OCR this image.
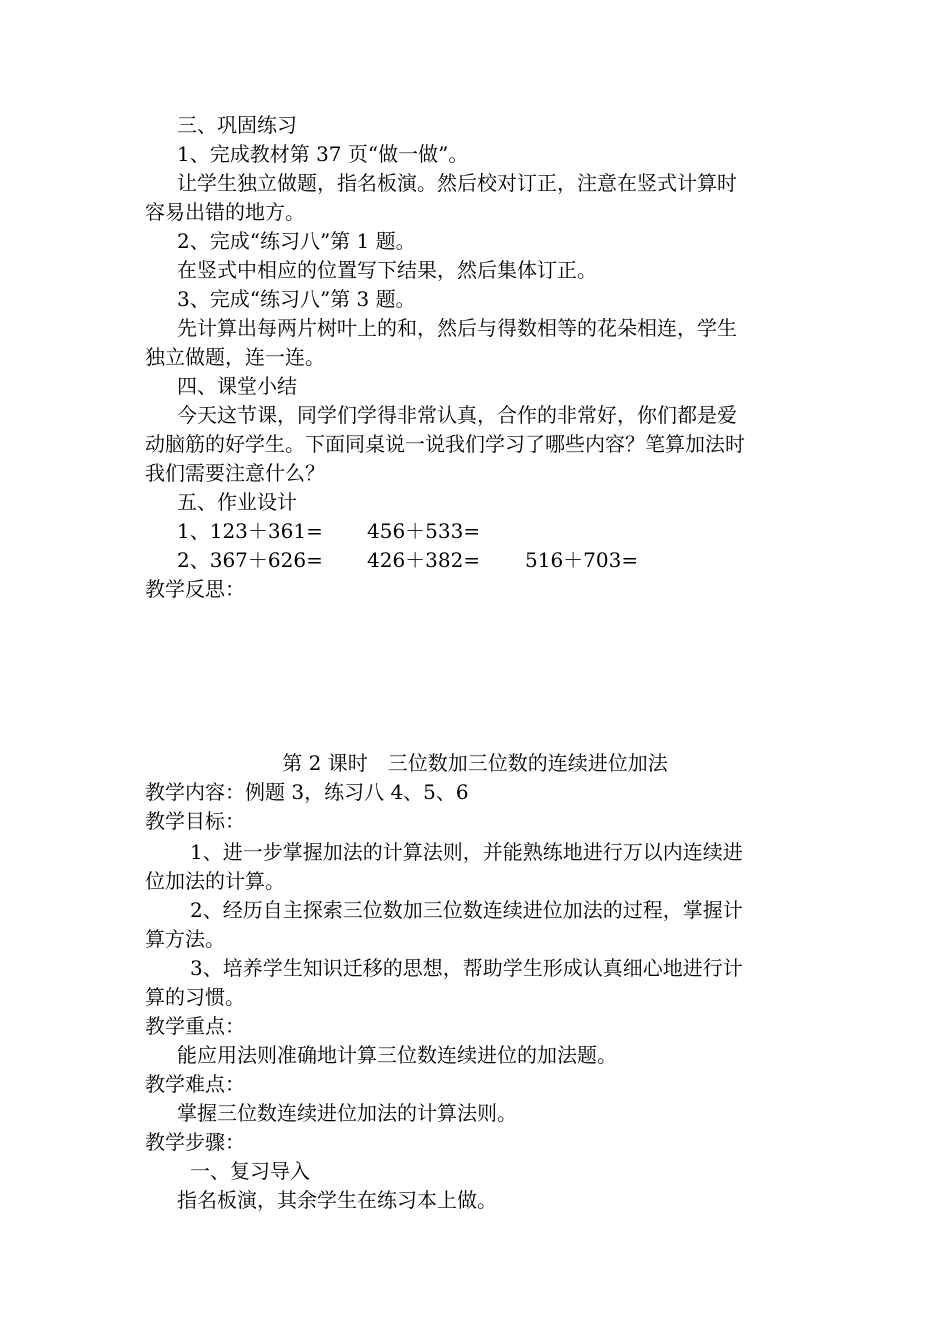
三、巩固练习
1、完成教材第 37 页“做一做”。
让学生独立做题，指名板演。然后校对订正，注意在竖式计算时
容易出错的地方。
2、完成“练习八”第 1 题。
在竖式中相应的位置写下结果，然后集体订正。
3、完成“练习八”第 3 题。
先计算出每两片树叶上的和，然后与得数相等的花朵相连，学生
独立做题，连一连。
四、课堂小结
今天这节课，同学们学得非常认真，合作的非常好，你们都是爱
动脑筋的好学生。下面同桌说一说我们学习了哪些内容？笔算加法时
我们需要注意什么？
五、作业设计
1、123＋361= 456＋533=
2、367＋626= 426＋382= 516＋703=
教学反思：
第 2 课时 三位数加三位数的连续进位加法
教学内容：例题 3，练习八 4、5、6
教学目标：
1、进一步掌握加法的计算法则，并能熟练地进行万以内连续进
位加法的计算。
2、经历自主探索三位数加三位数连续进位加法的过程，掌握计
算方法。
3、培养学生知识迁移的思想，帮助学生形成认真细心地进行计
算的习惯。
教学重点：
能应用法则准确地计算三位数连续进位的加法题。
教学难点：
掌握三位数连续进位加法的计算法则。
教学步骤：
一、复习导入
指名板演，其余学生在练习本上做。
